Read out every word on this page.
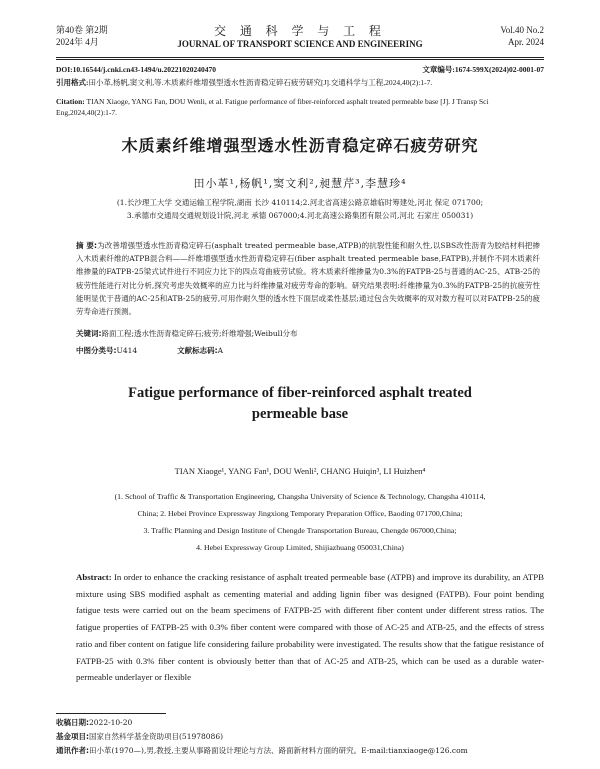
第40卷 第2期
2024年 4月
交 通 科 学 与 工 程
JOURNAL OF TRANSPORT SCIENCE AND ENGINEERING
Vol.40 No.2
Apr. 2024
DOI:10.16544/j.cnki.cn43-1494/u.20221020240470	文章编号:1674-599X(2024)02-0001-07
引用格式:田小革,杨帆,窦文利,等.木质素纤维增强型透水性沥青稳定碎石疲劳研究[J].交通科学与工程,2024,40(2):1-7.
Citation: TIAN Xiaoge, YANG Fan, DOU Wenli, et al. Fatigue performance of fiber-reinforced asphalt treated permeable base [J]. J Transp Sci Eng,2024,40(2):1-7.
木质素纤维增强型透水性沥青稳定碎石疲劳研究
田小革¹,杨帆¹,窦文利²,昶慧芹³,李慧珍⁴
(1.长沙理工大学 交通运输工程学院,湖南 长沙 410114;2.河北省高速公路京雄临时筹建处,河北 保定 071700;
3.承德市交通局交通规划设计院,河北 承德 067000;4.河北高速公路集团有限公司,河北 石家庄 050031)
摘 要:为改善增强型透水性沥青稳定碎石(asphalt treated permeable base,ATPB)的抗裂性能和耐久性,以SBS改性沥青为胶结材料把掺入木质素纤维的ATPB混合料——纤维增强型透水性沥青稳定碎石(fiber asphalt treated permeable base,FATPB),并制作不同木质素纤维掺量的FATPB-25梁式试件进行不同应力比下的四点弯曲疲劳试验。将木质素纤维掺量为0.3%的FATPB-25与普通的AC-25、ATB-25的疲劳性能进行对比分析,探究考虑失效概率的应力比与纤维掺量对疲劳寿命的影响。研究结果表明:纤维掺量为0.3%的FATPB-25的抗疲劳性能明显优于普通的AC-25和ATB-25的疲劳,可用作耐久型的透水性下面层或柔性基层;通过包含失效概率的双对数方程可以对FATPB-25的疲劳寿命进行预测。
关键词:路面工程;透水性沥青稳定碎石;疲劳;纤维增强;Weibull分布
中图分类号:U414	文献标志码:A
Fatigue performance of fiber-reinforced asphalt treated
permeable base
TIAN Xiaoge¹, YANG Fan¹, DOU Wenli², CHANG Huiqin³, LI Huizhen⁴
(1. School of Traffic & Transportation Engineering, Changsha University of Science & Technology, Changsha 410114,
China; 2. Hebei Province Expressway Jingxiong Temporary Preparation Office, Baoding 071700,China;
3. Traffic Planning and Design Institute of Chengde Transportation Bureau, Chengde 067000,China;
4. Hebei Expressway Group Limited, Shijiazhuang 050031,China)
Abstract: In order to enhance the cracking resistance of asphalt treated permeable base (ATPB) and improve its durability, an ATPB mixture using SBS modified asphalt as cementing material and adding lignin fiber was designed (FATPB). Four point bending fatigue tests were carried out on the beam specimens of FATPB-25 with different fiber content under different stress ratios. The fatigue properties of FATPB-25 with 0.3% fiber content were compared with those of AC-25 and ATB-25, and the effects of stress ratio and fiber content on fatigue life considering failure probability were investigated. The results show that the fatigue resistance of FATPB-25 with 0.3% fiber content is obviously better than that of AC-25 and ATB-25, which can be used as a durable water-permeable underlayer or flexible
收稿日期:2022-10-20
基金项目:国家自然科学基金资助项目(51978086)
通讯作者:田小革(1970—),男,教授,主要从事路面设计理论与方法、路面新材料方面的研究。E-mail:tianxiaoge@126.com
